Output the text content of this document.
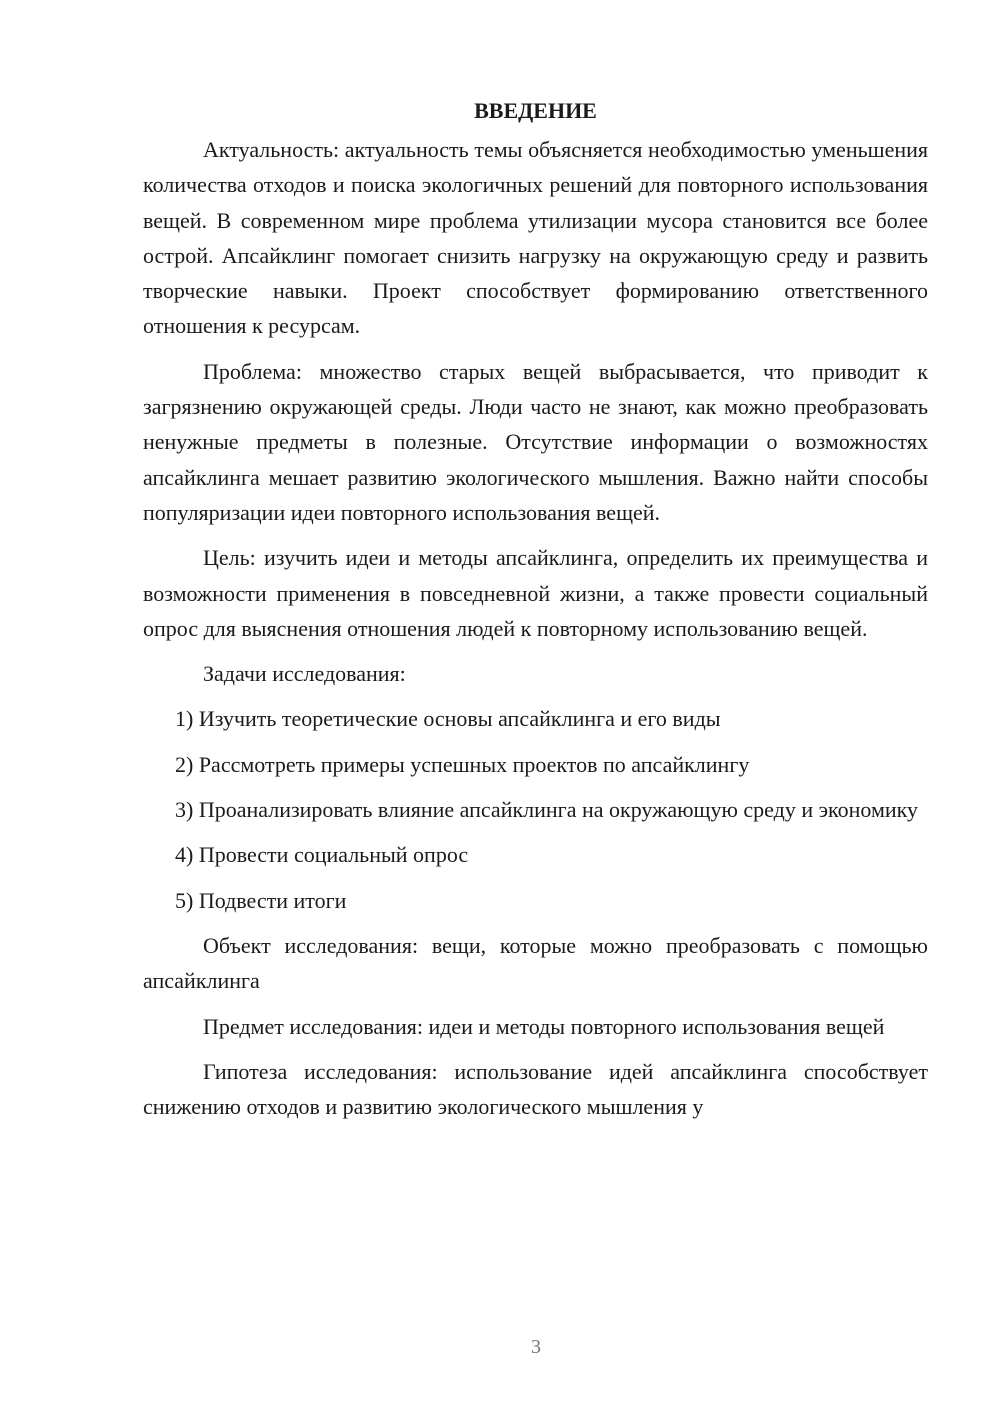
ВВЕДЕНИЕ

Актуальность: актуальность темы объясняется необходимостью уменьшения количества отходов и поиска экологичных решений для повторного использования вещей. В современном мире проблема утилизации мусора становится все более острой. Апсайклинг помогает снизить нагрузку на окружающую среду и развить творческие навыки. Проект способствует формированию ответственного отношения к ресурсам.

Проблема: множество старых вещей выбрасывается, что приводит к загрязнению окружающей среды. Люди часто не знают, как можно преобразовать ненужные предметы в полезные. Отсутствие информации о возможностях апсайклинга мешает развитию экологического мышления. Важно найти способы популяризации идеи повторного использования вещей.

Цель: изучить идеи и методы апсайклинга, определить их преимущества и возможности применения в повседневной жизни, а также провести социальный опрос для выяснения отношения людей к повторному использованию вещей.

Задачи исследования:

1) Изучить теоретические основы апсайклинга и его виды

2) Рассмотреть примеры успешных проектов по апсайклингу

3) Проанализировать влияние апсайклинга на окружающую среду и экономику

4) Провести социальный опрос

5) Подвести итоги

Объект исследования: вещи, которые можно преобразовать с помощью апсайклинга

Предмет исследования: идеи и методы повторного использования вещей

Гипотеза исследования: использование идей апсайклинга способствует снижению отходов и развитию экологического мышления у

3
